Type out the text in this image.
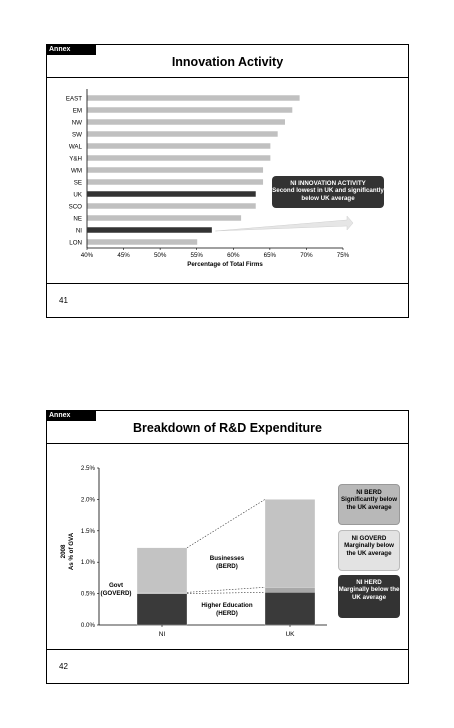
Annex
Innovation Activity
EAST
EM
NW
SW
WAL
Y&H
WM
SE
UK
SCO
NE
NI
LON
40%	45%	50%	55%	60%	65%	70%	75%
Percentage of Total Firms
NI INNOVATION ACTIVITY
Second lowest in UK and significantly below UK average
41
Annex
Breakdown of R&D Expenditure
0.0%
0.5%
1.0%
1.5%
2.0%
2.5%
2008 As % of GVA
NI	UK
Govt
(GOVERD)
Businesses
(BERD)
Higher Education
(HERD)
NI BERD
Significantly below the UK average
NI GOVERD
Marginally below the UK average
NI HERD
Marginally below the UK average
42
